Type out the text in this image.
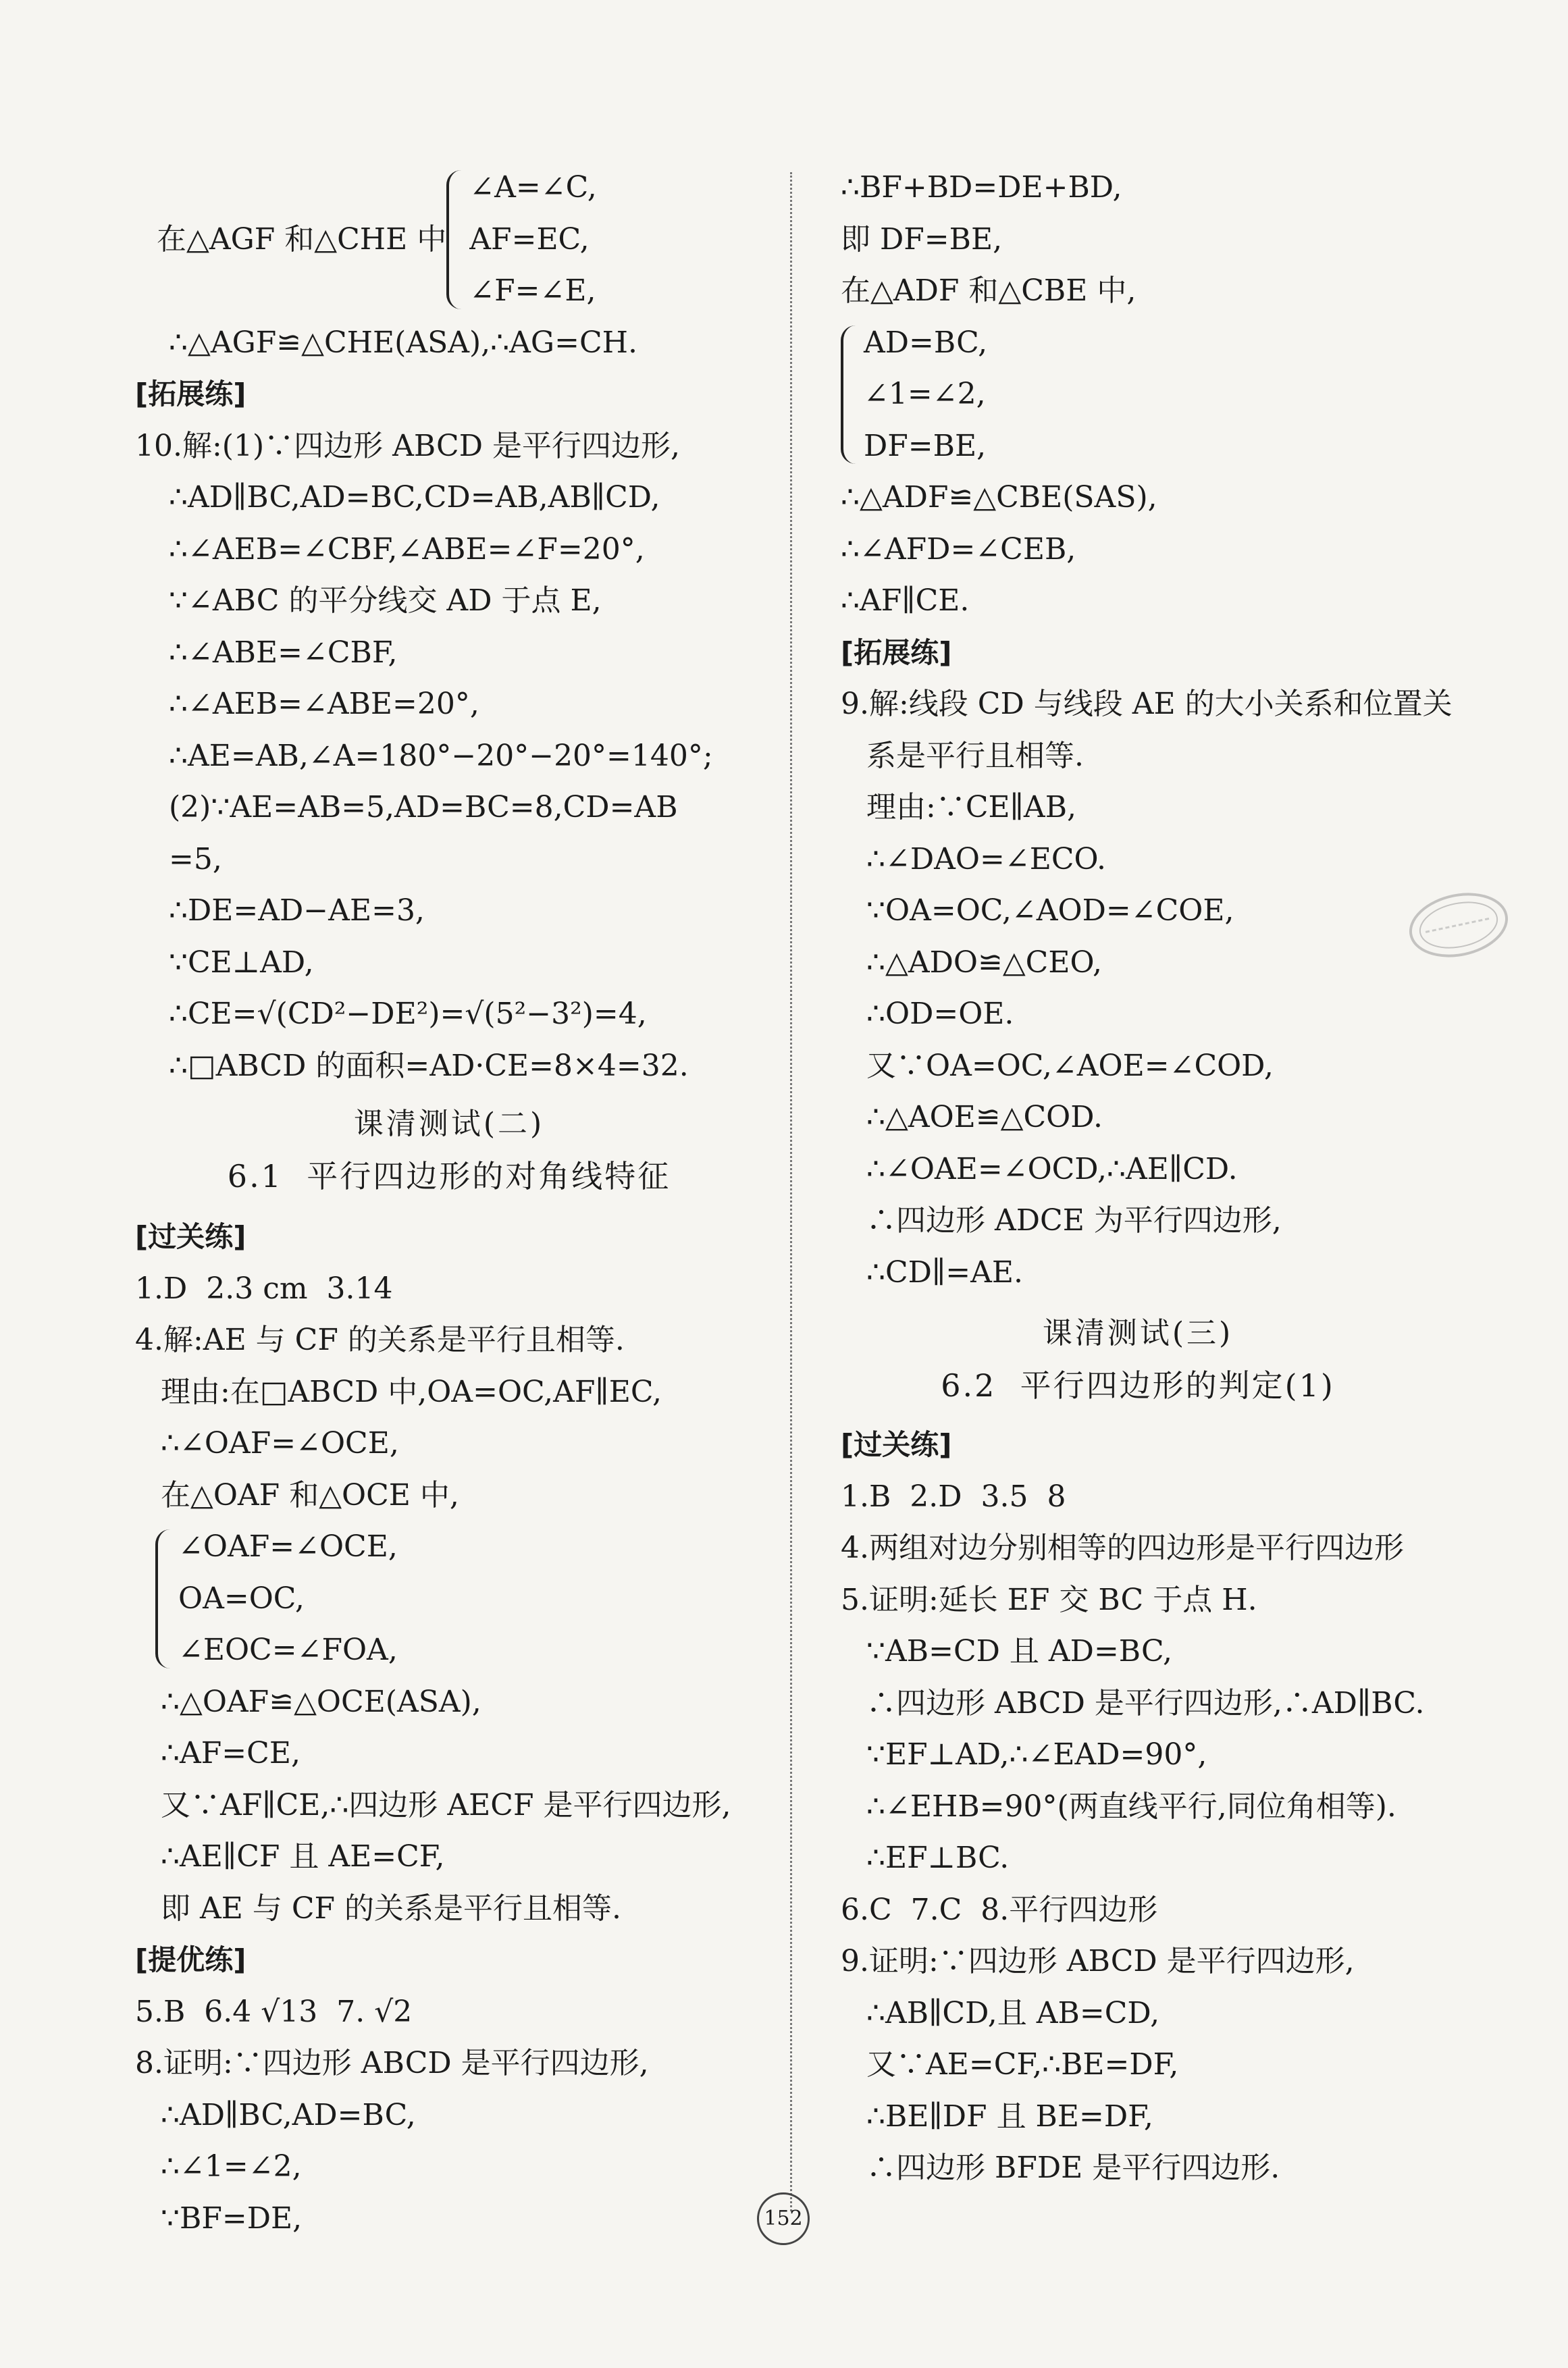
在△AGF 和△CHE 中
∠A=∠C,
AF=EC,
∠F=∠E,
∴△AGF≌△CHE(ASA),∴AG=CH.
[拓展练]
10.解:(1)∵四边形 ABCD 是平行四边形,
∴AD∥BC,AD=BC,CD=AB,AB∥CD,
∴∠AEB=∠CBF,∠ABE=∠F=20°,
∵∠ABC 的平分线交 AD 于点 E,
∴∠ABE=∠CBF,
∴∠AEB=∠ABE=20°,
∴AE=AB,∠A=180°−20°−20°=140°;
(2)∵AE=AB=5,AD=BC=8,CD=AB
=5,
∴DE=AD−AE=3,
∵CE⊥AD,
∴CE=√(CD²−DE²)=√(5²−3²)=4,
∴□ABCD 的面积=AD·CE=8×4=32.
课清测试(二)
6.1  平行四边形的对角线特征
[过关练]
1.D  2.3 cm  3.14
4.解:AE 与 CF 的关系是平行且相等.
理由:在□ABCD 中,OA=OC,AF∥EC,
∴∠OAF=∠OCE,
在△OAF 和△OCE 中,
∠OAF=∠OCE,
OA=OC,
∠EOC=∠FOA,
∴△OAF≌△OCE(ASA),
∴AF=CE,
又∵AF∥CE,∴四边形 AECF 是平行四边形,
∴AE∥CF 且 AE=CF,
即 AE 与 CF 的关系是平行且相等.
[提优练]
5.B  6.4 √13  7. √2
8.证明:∵四边形 ABCD 是平行四边形,
∴AD∥BC,AD=BC,
∴∠1=∠2,
∵BF=DE,
∴BF+BD=DE+BD,
即 DF=BE,
在△ADF 和△CBE 中,
AD=BC,
∠1=∠2,
DF=BE,
∴△ADF≌△CBE(SAS),
∴∠AFD=∠CEB,
∴AF∥CE.
[拓展练]
9.解:线段 CD 与线段 AE 的大小关系和位置关
系是平行且相等.
理由:∵CE∥AB,
∴∠DAO=∠ECO.
∵OA=OC,∠AOD=∠COE,
∴△ADO≌△CEO,
∴OD=OE.
又∵OA=OC,∠AOE=∠COD,
∴△AOE≌△COD.
∴∠OAE=∠OCD,∴AE∥CD.
∴四边形 ADCE 为平行四边形,
∴CD∥=AE.
课清测试(三)
6.2  平行四边形的判定(1)
[过关练]
1.B  2.D  3.5  8
4.两组对边分别相等的四边形是平行四边形
5.证明:延长 EF 交 BC 于点 H.
∵AB=CD 且 AD=BC,
∴四边形 ABCD 是平行四边形,∴AD∥BC.
∵EF⊥AD,∴∠EAD=90°,
∴∠EHB=90°(两直线平行,同位角相等).
∴EF⊥BC.
6.C  7.C  8.平行四边形
9.证明:∵四边形 ABCD 是平行四边形,
∴AB∥CD,且 AB=CD,
又∵AE=CF,∴BE=DF,
∴BE∥DF 且 BE=DF,
∴四边形 BFDE 是平行四边形.
152
